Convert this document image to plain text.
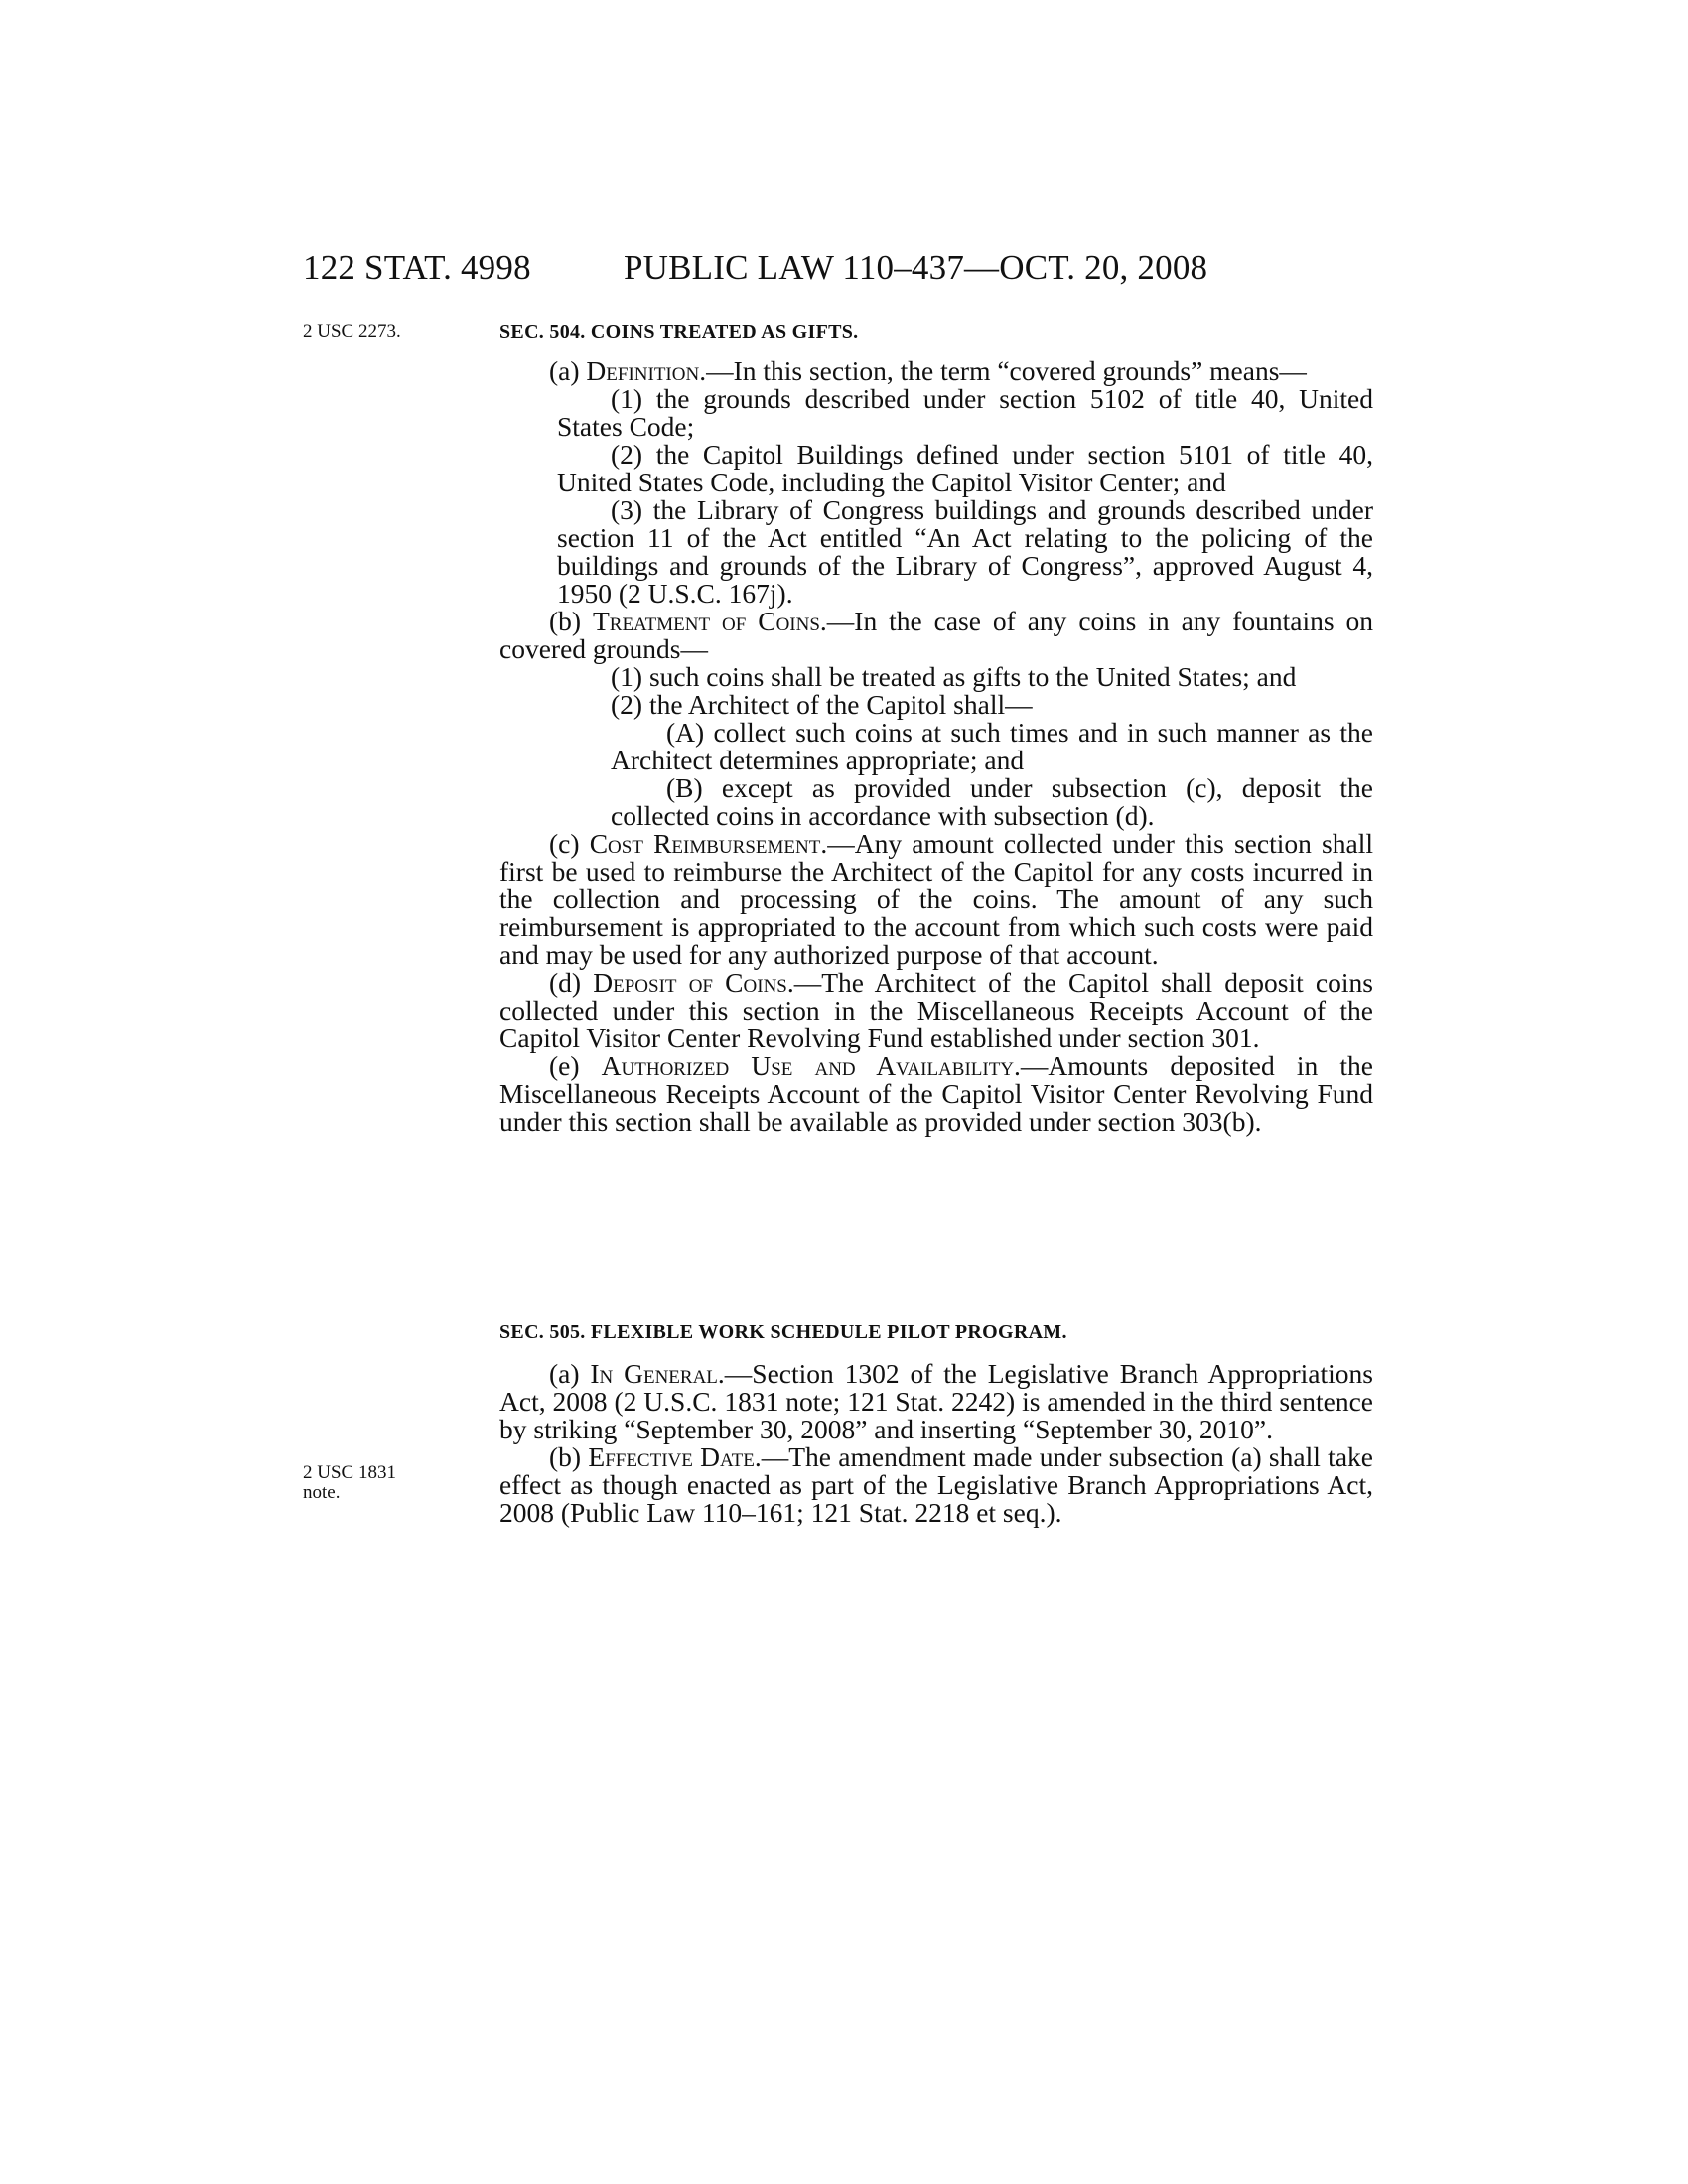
122 STAT. 4998	PUBLIC LAW 110–437—OCT. 20, 2008
2 USC 2273.
2 USC 1831
note.

SEC. 504. COINS TREATED AS GIFTS.

(a) Definition.—In this section, the term “covered grounds” means—

(1) the grounds described under section 5102 of title 40, United States Code;

(2) the Capitol Buildings defined under section 5101 of title 40, United States Code, including the Capitol Visitor Center; and

(3) the Library of Congress buildings and grounds described under section 11 of the Act entitled “An Act relating to the policing of the buildings and grounds of the Library of Congress”, approved August 4, 1950 (2 U.S.C. 167j).

(b) Treatment of Coins.—In the case of any coins in any fountains on covered grounds—

(1) such coins shall be treated as gifts to the United States; and

(2) the Architect of the Capitol shall—

(A) collect such coins at such times and in such manner as the Architect determines appropriate; and

(B) except as provided under subsection (c), deposit the collected coins in accordance with subsection (d).

(c) Cost Reimbursement.—Any amount collected under this section shall first be used to reimburse the Architect of the Capitol for any costs incurred in the collection and processing of the coins. The amount of any such reimbursement is appropriated to the account from which such costs were paid and may be used for any authorized purpose of that account.

(d) Deposit of Coins.—The Architect of the Capitol shall deposit coins collected under this section in the Miscellaneous Receipts Account of the Capitol Visitor Center Revolving Fund established under section 301.

(e) Authorized Use and Availability.—Amounts deposited in the Miscellaneous Receipts Account of the Capitol Visitor Center Revolving Fund under this section shall be available as provided under section 303(b).

SEC. 505. FLEXIBLE WORK SCHEDULE PILOT PROGRAM.

(a) In General.—Section 1302 of the Legislative Branch Appropriations Act, 2008 (2 U.S.C. 1831 note; 121 Stat. 2242) is amended in the third sentence by striking “September 30, 2008” and inserting “September 30, 2010”.

(b) Effective Date.—The amendment made under subsection (a) shall take effect as though enacted as part of the Legislative Branch Appropriations Act, 2008 (Public Law 110–161; 121 Stat. 2218 et seq.).
